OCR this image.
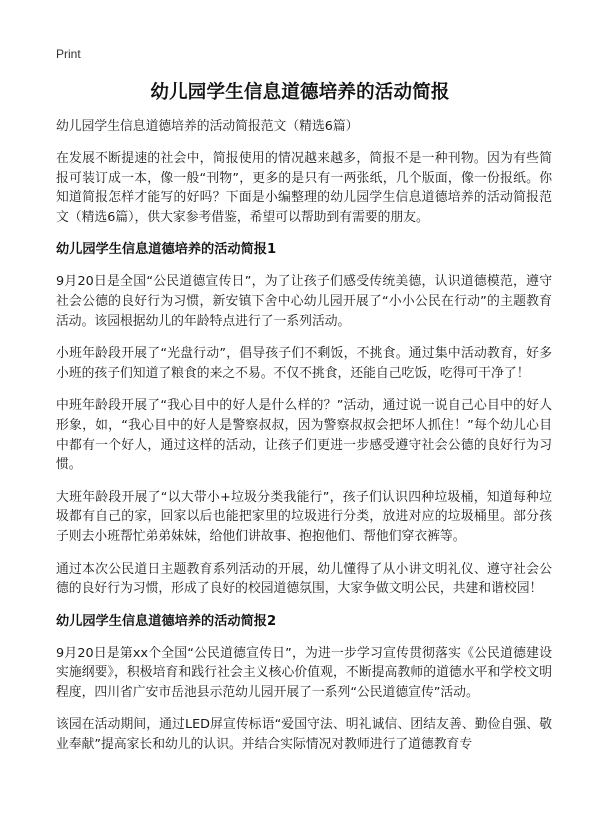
Print
幼儿园学生信息道德培养的活动简报

幼儿园学生信息道德培养的活动简报范文（精选6篇）

在发展不断提速的社会中，简报使用的情况越来越多，简报不是一种刊物。因为有些简报可装订成一本，像一般“刊物”，更多的是只有一两张纸，几个版面，像一份报纸。你知道简报怎样才能写的好吗？下面是小编整理的幼儿园学生信息道德培养的活动简报范文（精选6篇），供大家参考借鉴，希望可以帮助到有需要的朋友。

幼儿园学生信息道德培养的活动简报1

9月20日是全国“公民道德宣传日”，为了让孩子们感受传统美德，认识道德模范，遵守社会公德的良好行为习惯，新安镇下舍中心幼儿园开展了“小小公民在行动”的主题教育活动。该园根据幼儿的年龄特点进行了一系列活动。

小班年龄段开展了“光盘行动”，倡导孩子们不剩饭，不挑食。通过集中活动教育，好多小班的孩子们知道了粮食的来之不易。不仅不挑食，还能自己吃饭，吃得可干净了！

中班年龄段开展了“我心目中的好人是什么样的？”活动，通过说一说自己心目中的好人形象，如，“我心目中的好人是警察叔叔，因为警察叔叔会把坏人抓住！”每个幼儿心目中都有一个好人，通过这样的活动，让孩子们更进一步感受遵守社会公德的良好行为习惯。

大班年龄段开展了“以大带小+垃圾分类我能行”，孩子们认识四种垃圾桶，知道每种垃圾都有自己的家，回家以后也能把家里的垃圾进行分类，放进对应的垃圾桶里。部分孩子则去小班帮忙弟弟妹妹，给他们讲故事、抱抱他们、帮他们穿衣裤等。

通过本次公民道日主题教育系列活动的开展，幼儿懂得了从小讲文明礼仪、遵守社会公德的良好行为习惯，形成了良好的校园道德氛围，大家争做文明公民，共建和谐校园！

幼儿园学生信息道德培养的活动简报2

9月20日是第xx个全国“公民道德宣传日”，为进一步学习宣传贯彻落实《公民道德建设实施纲要》，积极培育和践行社会主义核心价值观，不断提高教师的道德水平和学校文明程度，四川省广安市岳池县示范幼儿园开展了一系列“公民道德宣传”活动。

该园在活动期间，通过LED屏宣传标语“爱国守法、明礼诚信、团结友善、勤俭自强、敬业奉献”提高家长和幼儿的认识。并结合实际情况对教师进行了道德教育专
